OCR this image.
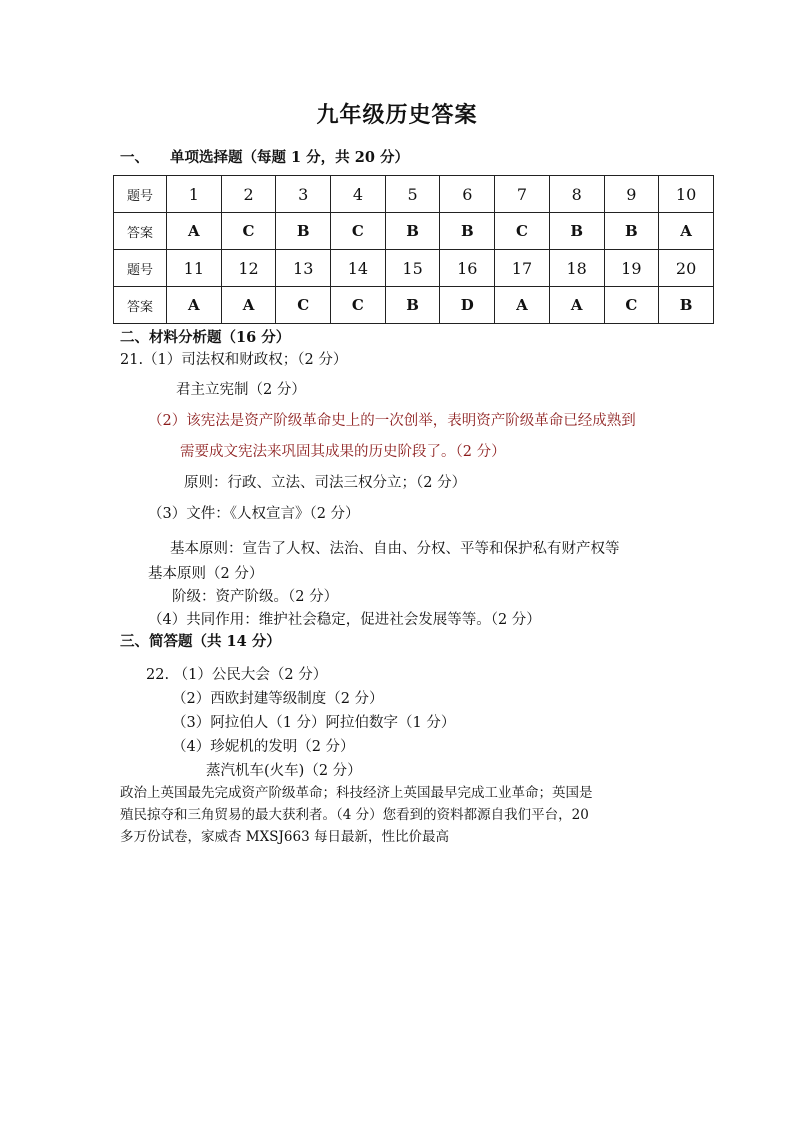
九年级历史答案
一、 单项选择题（每题 1 分，共 20 分）
题号	1	2	3	4	5	6	7	8	9	10
答案	A	C	B	C	B	B	C	B	B	A
题号	11	12	13	14	15	16	17	18	19	20
答案	A	A	C	C	B	D	A	A	C	B
二、材料分析题（16 分）
21.（1）司法权和财政权；（2 分）
君主立宪制（2 分）
（2）该宪法是资产阶级革命史上的一次创举，表明资产阶级革命已经成熟到
需要成文宪法来巩固其成果的历史阶段了。（2 分）
原则：行政、立法、司法三权分立；（2 分）
（3）文件：《人权宣言》（2 分）
基本原则：宣告了人权、法治、自由、分权、平等和保护私有财产权等
基本原则（2 分）
阶级：资产阶级。（2 分）
（4）共同作用：维护社会稳定，促进社会发展等等。（2 分）
三、简答题（共 14 分）
22. （1）公民大会（2 分）
（2）西欧封建等级制度（2 分）
（3）阿拉伯人（1 分）阿拉伯数字（1 分）
（4）珍妮机的发明（2 分）
蒸汽机车(火车)（2 分）
政治上英国最先完成资产阶级革命；科技经济上英国最早完成工业革命；英国是
殖民掠夺和三角贸易的最大获利者。（4 分）您看到的资料都源自我们平台，20
多万份试卷，家威杏 MXSJ663 每日最新，性比价最高
